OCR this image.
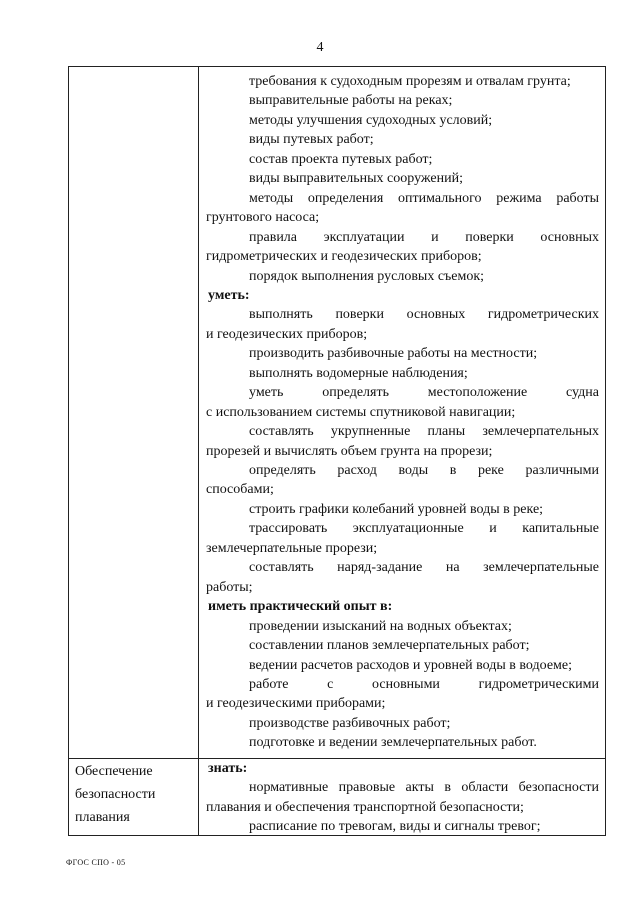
4
Обеспечение
безопасности
плавания
требования к судоходным прорезям и отвалам грунта;
выправительные работы на реках;
методы улучшения судоходных условий;
виды путевых работ;
состав проекта путевых работ;
виды выправительных сооружений;
методы определения оптимального режима работы
грунтового насоса;
правила эксплуатации и поверки основных
гидрометрических и геодезических приборов;
порядок выполнения русловых съемок;
уметь:
выполнять поверки основных гидрометрических
и геодезических приборов;
производить разбивочные работы на местности;
выполнять водомерные наблюдения;
уметь определять местоположение судна
с использованием системы спутниковой навигации;
составлять укрупненные планы землечерпательных
прорезей и вычислять объем грунта на прорези;
определять расход воды в реке различными
способами;
строить графики колебаний уровней воды в реке;
трассировать эксплуатационные и капитальные
землечерпательные прорези;
составлять наряд-задание на землечерпательные
работы;
иметь практический опыт в:
проведении изысканий на водных объектах;
составлении планов землечерпательных работ;
ведении расчетов расходов и уровней воды в водоеме;
работе с основными гидрометрическими
и геодезическими приборами;
производстве разбивочных работ;
подготовке и ведении землечерпательных работ.
знать:
нормативные правовые акты в области безопасности
плавания и обеспечения транспортной безопасности;
расписание по тревогам, виды и сигналы тревог;
ФГОС СПО - 05
